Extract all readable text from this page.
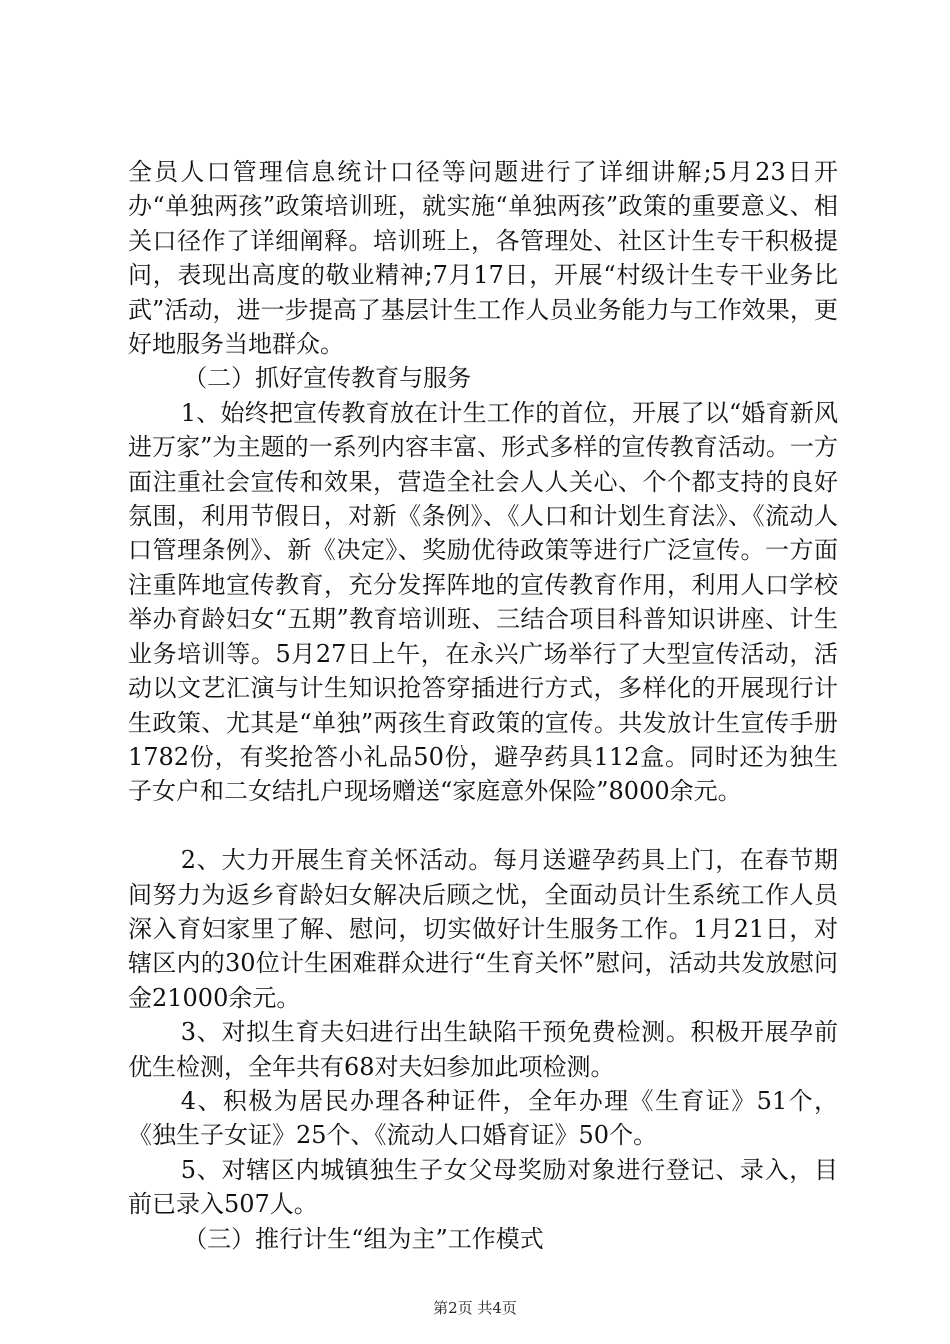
全员人口管理信息统计口径等问题进行了详细讲解;5月23日开办“单独两孩”政策培训班，就实施“单独两孩”政策的重要意义、相关口径作了详细阐释。培训班上，各管理处、社区计生专干积极提问，表现出高度的敬业精神;7月17日，开展“村级计生专干业务比武”活动，进一步提高了基层计生工作人员业务能力与工作效果，更好地服务当地群众。

（二）抓好宣传教育与服务

1、始终把宣传教育放在计生工作的首位，开展了以“婚育新风进万家”为主题的一系列内容丰富、形式多样的宣传教育活动。一方面注重社会宣传和效果，营造全社会人人关心、个个都支持的良好氛围，利用节假日，对新《条例》、《人口和计划生育法》、《流动人口管理条例》、新《决定》、奖励优待政策等进行广泛宣传。一方面注重阵地宣传教育，充分发挥阵地的宣传教育作用，利用人口学校举办育龄妇女“五期”教育培训班、三结合项目科普知识讲座、计生业务培训等。5月27日上午，在永兴广场举行了大型宣传活动，活动以文艺汇演与计生知识抢答穿插进行方式，多样化的开展现行计生政策、尤其是“单独”两孩生育政策的宣传。共发放计生宣传手册1782份，有奖抢答小礼品50份，避孕药具112盒。同时还为独生子女户和二女结扎户现场赠送“家庭意外保险”8000余元。

2、大力开展生育关怀活动。每月送避孕药具上门，在春节期间努力为返乡育龄妇女解决后顾之忧，全面动员计生系统工作人员深入育妇家里了解、慰问，切实做好计生服务工作。1月21日，对辖区内的30位计生困难群众进行“生育关怀”慰问，活动共发放慰问金21000余元。

3、对拟生育夫妇进行出生缺陷干预免费检测。积极开展孕前优生检测，全年共有68对夫妇参加此项检测。

4、积极为居民办理各种证件，全年办理《生育证》51个，《独生子女证》25个、《流动人口婚育证》50个。

5、对辖区内城镇独生子女父母奖励对象进行登记、录入，目前已录入507人。

（三）推行计生“组为主”工作模式

第2页 共4页
